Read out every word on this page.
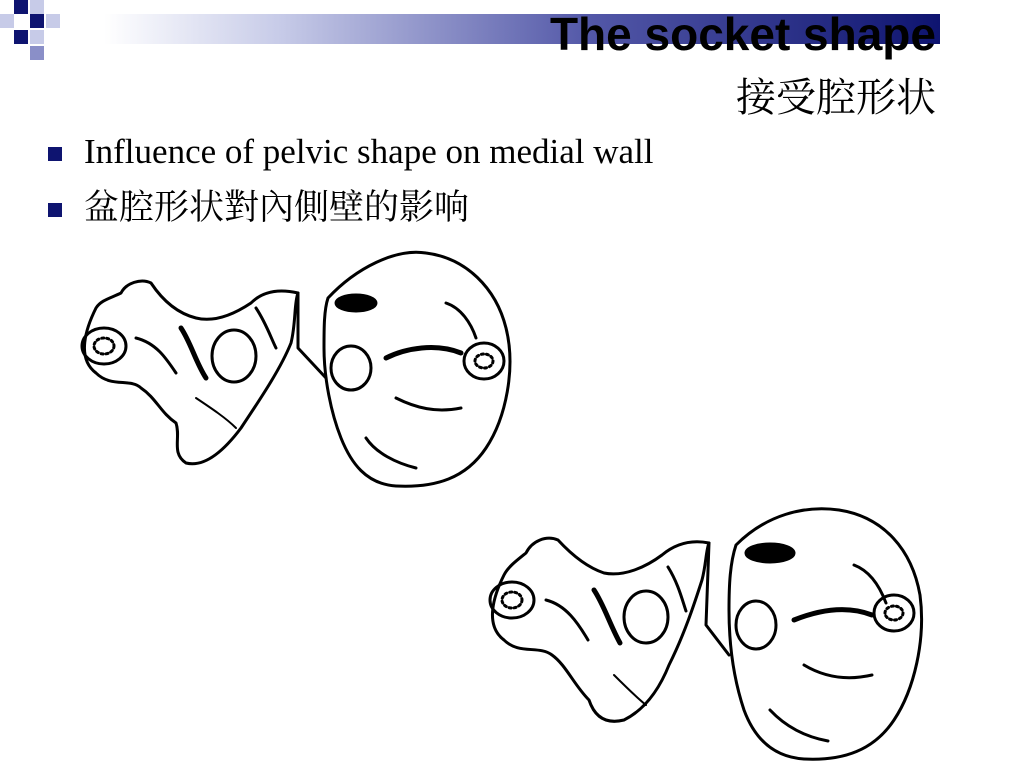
The socket shape
接受腔形状
Influence of pelvic shape on medial wall
盆腔形状對內側壁的影响
